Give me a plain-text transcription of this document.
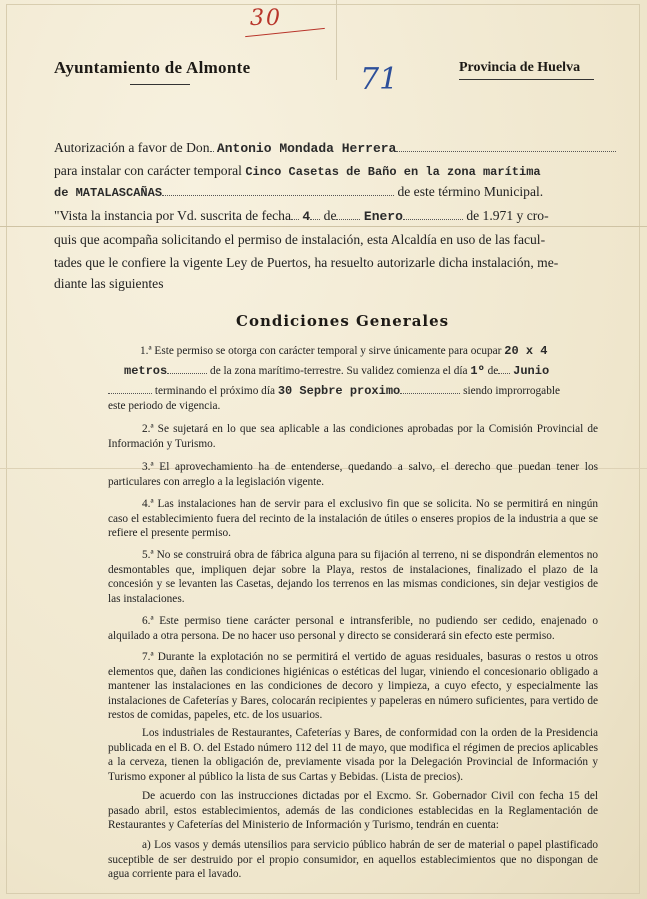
30
71
Ayuntamiento de Almonte	Provincia de Huelva
Autorización a favor de Don Antonio Mondada Herrera
para instalar con carácter temporal Cinco Casetas de Baño en la zona marítima
de MATALASCAÑAS	de este término Municipal.
"Vista la instancia por Vd. suscrita de fecha 4 de Enero	de 1.971 y cro-
quis que acompaña solicitando el permiso de instalación, esta Alcaldía en uso de las facul-
tades que le confiere la vigente Ley de Puertos, ha resuelto autorizarle dicha instalación, me-
diante las siguientes
Condiciones Generales
1.ª Este permiso se otorga con carácter temporal y sirve únicamente para ocupar 20 x 4
metros	de la zona marítimo-terrestre. Su validez comienza el día 1º de Junio
terminando el próximo día 30 Sepbre proximo	siendo improrrogable
este periodo de vigencia.
2.ª Se sujetará en lo que sea aplicable a las condiciones aprobadas por la Comisión Provincial de Información y Turismo.
3.ª El aprovechamiento ha de entenderse, quedando a salvo, el derecho que puedan tener los particulares con arreglo a la legislación vigente.
4.ª Las instalaciones han de servir para el exclusivo fin que se solicita. No se permitirá en ningún caso el establecimiento fuera del recinto de la instalación de útiles o enseres propios de la industria a que se refiere el presente permiso.
5.ª No se construirá obra de fábrica alguna para su fijación al terreno, ni se dispondrán elementos no desmontables que, impliquen dejar sobre la Playa, restos de instalaciones, finalizado el plazo de la concesión y se levanten las Casetas, dejando los terrenos en las mismas condiciones, sin dejar vestigios de las instalaciones.
6.ª Este permiso tiene carácter personal e intransferible, no pudiendo ser cedido, enajenado o alquilado a otra persona. De no hacer uso personal y directo se considerará sin efecto este permiso.
7.ª Durante la explotación no se permitirá el vertido de aguas residuales, basuras o restos u otros elementos que, dañen las condiciones higiénicas o estéticas del lugar, viniendo el concesionario obligado a mantener las instalaciones en las condiciones de decoro y limpieza, a cuyo efecto, y especialmente las instalaciones de Cafeterías y Bares, colocarán recipientes y papeleras en número suficientes, para vertido de restos de comidas, papeles, etc. de los usuarios.
Los industriales de Restaurantes, Cafeterías y Bares, de conformidad con la orden de la Presidencia publicada en el B. O. del Estado número 112 del 11 de mayo, que modifica el régimen de precios aplicables a la cerveza, tienen la obligación de, previamente visada por la Delegación Provincial de Información y Turismo exponer al público la lista de sus Cartas y Bebidas. (Lista de precios).
De acuerdo con las instrucciones dictadas por el Excmo. Sr. Gobernador Civil con fecha 15 del pasado abril, estos establecimientos, además de las condiciones establecidas en la Reglamentación de Restaurantes y Cafeterías del Ministerio de Información y Turismo, tendrán en cuenta:
a) Los vasos y demás utensilios para servicio público habrán de ser de material o papel plastificado suceptible de ser destruido por el propio consumidor, en aquellos establecimientos que no dispongan de agua corriente para el lavado.
